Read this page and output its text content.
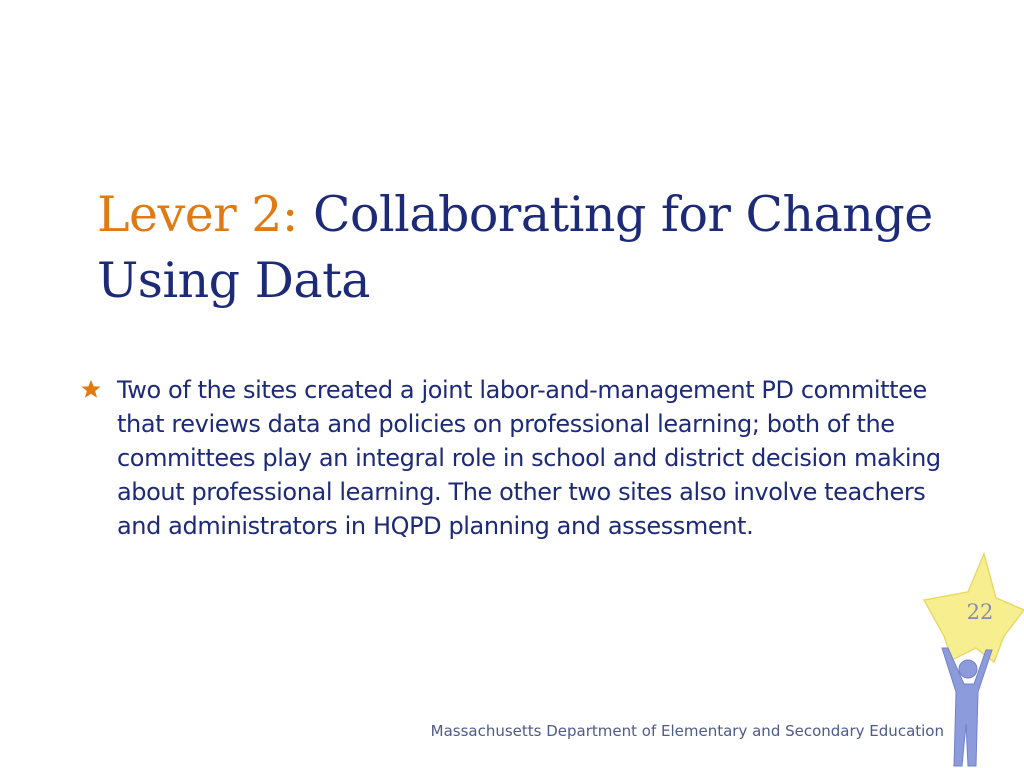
Lever 2: Collaborating for Change Using Data
Two of the sites created a joint labor-and-management PD committee that reviews data and policies on professional learning; both of the committees play an integral role in school and district decision making about professional learning. The other two sites also involve teachers and administrators in HQPD planning and assessment.
22
Massachusetts Department of Elementary and Secondary Education
